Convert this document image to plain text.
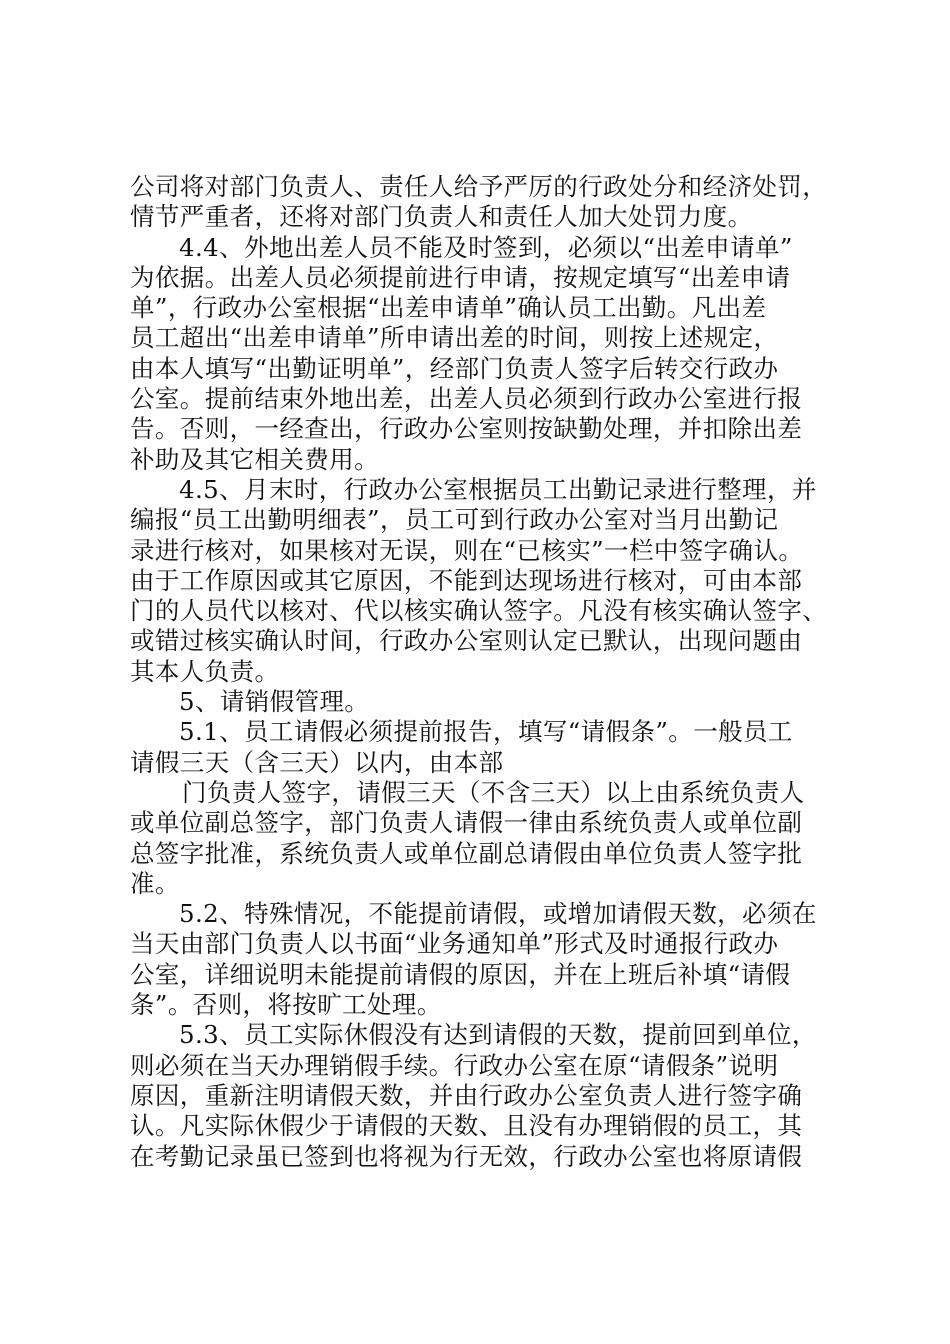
公司将对部门负责人、责任人给予严厉的行政处分和经济处罚，
情节严重者，还将对部门负责人和责任人加大处罚力度。
4.4、外地出差人员不能及时签到，必须以“出差申请单”
为依据。出差人员必须提前进行申请，按规定填写“出差申请
单”，行政办公室根据“出差申请单”确认员工出勤。凡出差
员工超出“出差申请单”所申请出差的时间，则按上述规定，
由本人填写“出勤证明单”，经部门负责人签字后转交行政办
公室。提前结束外地出差，出差人员必须到行政办公室进行报
告。否则，一经查出，行政办公室则按缺勤处理，并扣除出差
补助及其它相关费用。
4.5、月末时，行政办公室根据员工出勤记录进行整理，并
编报“员工出勤明细表”，员工可到行政办公室对当月出勤记
录进行核对，如果核对无误，则在“已核实”一栏中签字确认。
由于工作原因或其它原因，不能到达现场进行核对，可由本部
门的人员代以核对、代以核实确认签字。凡没有核实确认签字、
或错过核实确认时间，行政办公室则认定已默认，出现问题由
其本人负责。
5、请销假管理。
5.1、员工请假必须提前报告，填写“请假条”。一般员工
请假三天（含三天）以内，由本部
门负责人签字，请假三天（不含三天）以上由系统负责人
或单位副总签字，部门负责人请假一律由系统负责人或单位副
总签字批准，系统负责人或单位副总请假由单位负责人签字批
准。
5.2、特殊情况，不能提前请假，或增加请假天数，必须在
当天由部门负责人以书面“业务通知单”形式及时通报行政办
公室，详细说明未能提前请假的原因，并在上班后补填“请假
条”。否则，将按旷工处理。
5.3、员工实际休假没有达到请假的天数，提前回到单位，
则必须在当天办理销假手续。行政办公室在原“请假条”说明
原因，重新注明请假天数，并由行政办公室负责人进行签字确
认。凡实际休假少于请假的天数、且没有办理销假的员工，其
在考勤记录虽已签到也将视为行无效，行政办公室也将原请假
